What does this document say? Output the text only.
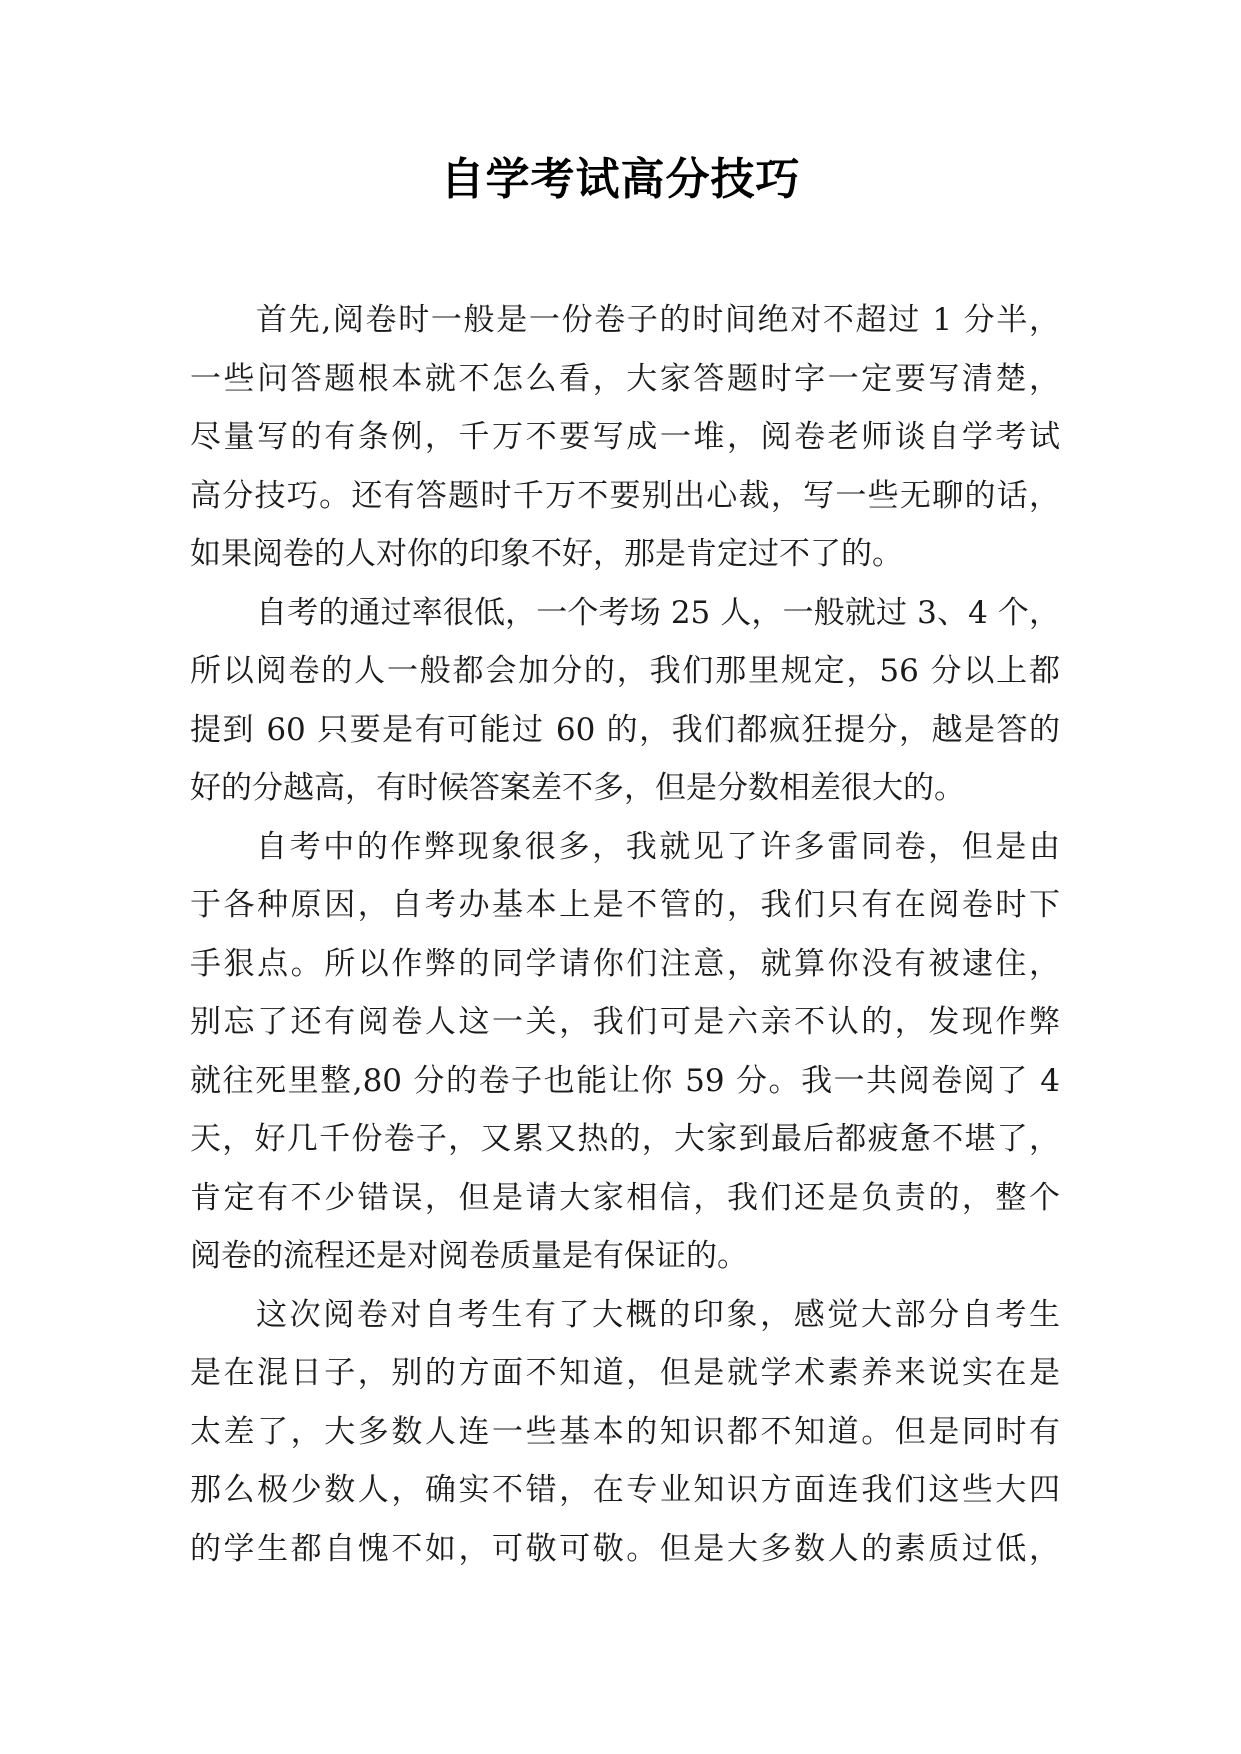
自学考试高分技巧
首先,阅卷时一般是一份卷子的时间绝对不超过 1 分半，
一些问答题根本就不怎么看，大家答题时字一定要写清楚，
尽量写的有条例，千万不要写成一堆，阅卷老师谈自学考试
高分技巧。还有答题时千万不要别出心裁，写一些无聊的话，
如果阅卷的人对你的印象不好，那是肯定过不了的。
自考的通过率很低，一个考场 25 人，一般就过 3、4 个，
所以阅卷的人一般都会加分的，我们那里规定，56 分以上都
提到 60 只要是有可能过 60 的，我们都疯狂提分，越是答的
好的分越高，有时候答案差不多，但是分数相差很大的。
自考中的作弊现象很多，我就见了许多雷同卷，但是由
于各种原因，自考办基本上是不管的，我们只有在阅卷时下
手狠点。所以作弊的同学请你们注意，就算你没有被逮住，
别忘了还有阅卷人这一关，我们可是六亲不认的，发现作弊
就往死里整,80 分的卷子也能让你 59 分。我一共阅卷阅了 4
天，好几千份卷子，又累又热的，大家到最后都疲惫不堪了，
肯定有不少错误，但是请大家相信，我们还是负责的，整个
阅卷的流程还是对阅卷质量是有保证的。
这次阅卷对自考生有了大概的印象，感觉大部分自考生
是在混日子，别的方面不知道，但是就学术素养来说实在是
太差了，大多数人连一些基本的知识都不知道。但是同时有
那么极少数人，确实不错，在专业知识方面连我们这些大四
的学生都自愧不如，可敬可敬。但是大多数人的素质过低，
